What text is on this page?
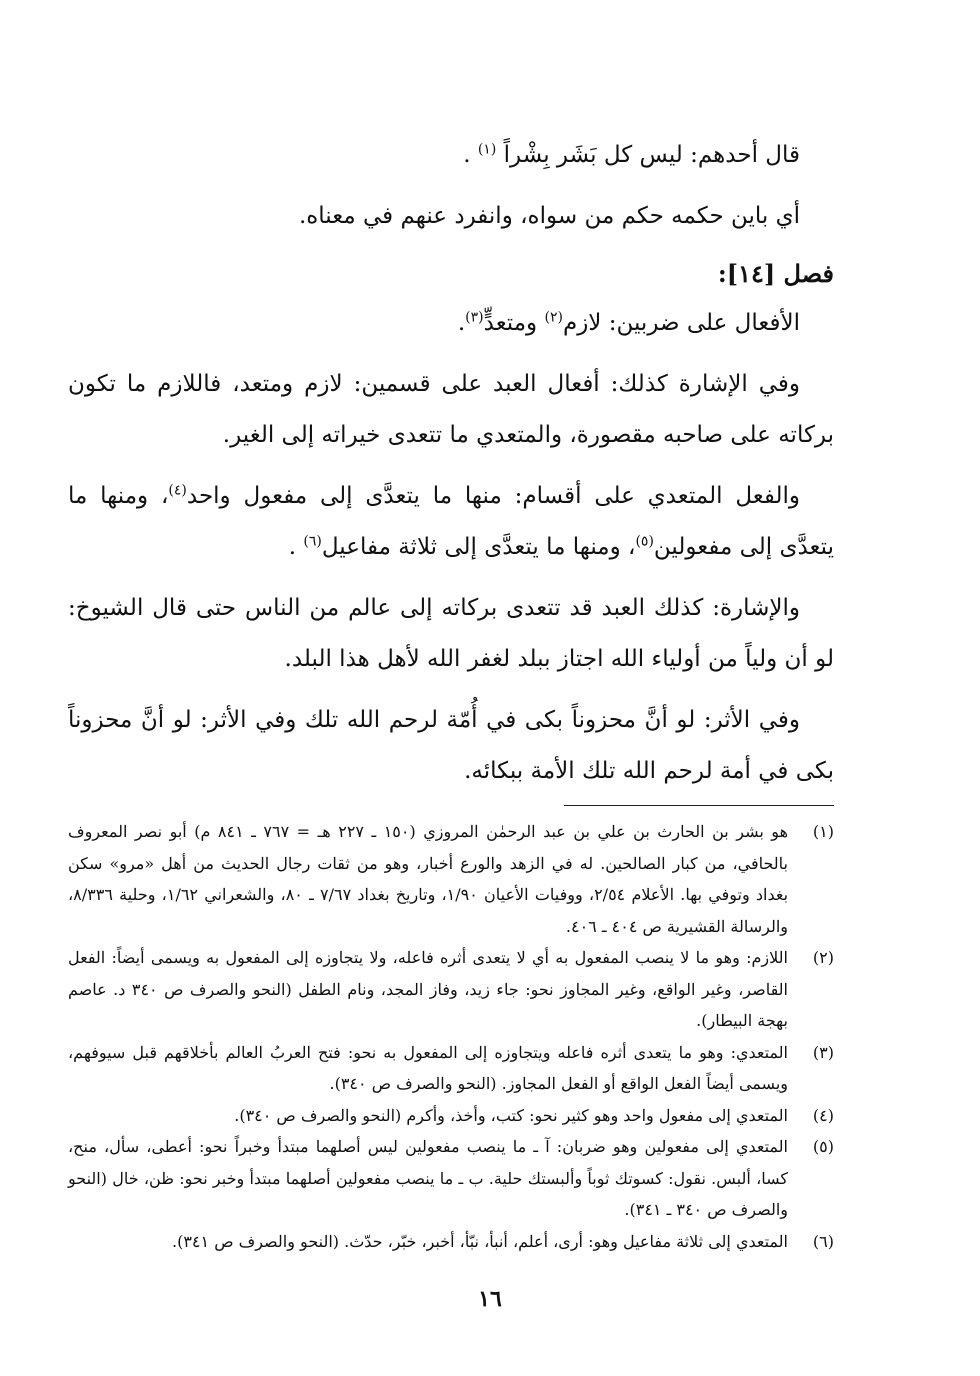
قال أحدهم: ليس كل بَشَر بِشْراً $^{(١)}$ .

أي باين حكمه حكم من سواه، وانفرد عنهم في معناه.

فصل [١٤]:

الأفعال على ضربين: لازم$^{(٢)}$ ومتعدٍّ$^{(٣)}$.

وفي الإشارة كذلك: أفعال العبد على قسمين: لازم ومتعد، فاللازم ما تكون بركاته على صاحبه مقصورة، والمتعدي ما تتعدى خيراته إلى الغير.

والفعل المتعدي على أقسام: منها ما يتعدَّى إلى مفعول واحد$^{(٤)}$، ومنها ما يتعدَّى إلى مفعولين$^{(٥)}$، ومنها ما يتعدَّى إلى ثلاثة مفاعيل$^{(٦)}$ .

والإشارة: كذلك العبد قد تتعدى بركاته إلى عالم من الناس حتى قال الشيوخ: لو أن ولياً من أولياء الله اجتاز ببلد لغفر الله لأهل هذا البلد.

وفي الأثر: لو أنَّ محزوناً بكى في أُمّة لرحم الله تلك وفي الأثر: لو أنَّ محزوناً بكى في أمة لرحم الله تلك الأمة ببكائه.

(١)
هو بشر بن الحارث بن علي بن عبد الرحمٰن المروزي (١٥٠ ـ ٢٢٧ هـ = ٧٦٧ ـ ٨٤١ م) أبو نصر المعروف بالحافي، من كبار الصالحين. له في الزهد والورع أخبار، وهو من ثقات رجال الحديث من أهل «مرو» سكن بغداد وتوفي بها. الأعلام ٢/٥٤، ووفيات الأعيان ١/٩٠، وتاريخ بغداد ٧/٦٧ ـ ٨٠، والشعراني ١/٦٢، وحلية ٨/٣٣٦، والرسالة القشيرية ص ٤٠٤ ـ ٤٠٦.
(٢)
اللازم: وهو ما لا ينصب المفعول به أي لا يتعدى أثره فاعله، ولا يتجاوزه إلى المفعول به ويسمى أيضاً: الفعل القاصر، وغير الواقع، وغير المجاوز نحو: جاء زيد، وفاز المجد، ونام الطفل (النحو والصرف ص ٣٤٠ د. عاصم بهجة البيطار).
(٣)
المتعدي: وهو ما يتعدى أثره فاعله ويتجاوزه إلى المفعول به نحو: فتح العربُ العالم بأخلاقهم قبل سيوفهم، ويسمى أيضاً الفعل الواقع أو الفعل المجاوز. (النحو والصرف ص ٣٤٠).
(٤)
المتعدي إلى مفعول واحد وهو كثير نحو: كتب، وأخذ، وأكرم (النحو والصرف ص ٣٤٠).
(٥)
المتعدي إلى مفعولين وهو ضربان: آ ـ ما ينصب مفعولين ليس أصلهما مبتدأ وخبراً نحو: أعطى، سأل، منح، كسا، ألبس. نقول: كسوتك ثوباً وألبستك حلية. ب ـ ما ينصب مفعولين أصلهما مبتدأ وخبر نحو: ظن، خال (النحو والصرف ص ٣٤٠ ـ ٣٤١).
(٦)
المتعدي إلى ثلاثة مفاعيل وهو: أرى، أعلم، أنبأ، نبّأ، أخبر، خبّر، حدّث. (النحو والصرف ص ٣٤١).
١٦
